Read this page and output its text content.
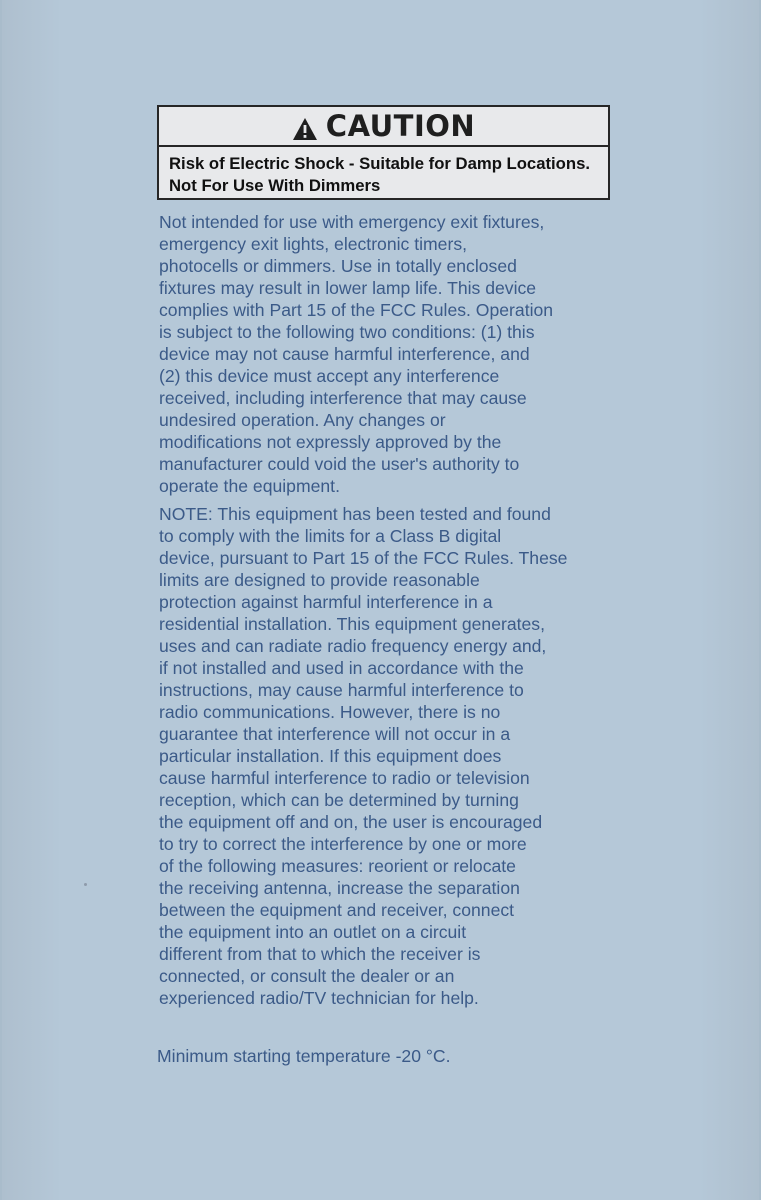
CAUTION
Risk of Electric Shock - Suitable for Damp Locations. Not For Use With Dimmers

Not intended for use with emergency exit fixtures,
emergency exit lights, electronic timers,
photocells or dimmers. Use in totally enclosed
fixtures may result in lower lamp life. This device
complies with Part 15 of the FCC Rules. Operation
is subject to the following two conditions: (1) this
device may not cause harmful interference, and
(2) this device must accept any interference
received, including interference that may cause
undesired operation. Any changes or
modifications not expressly approved by the
manufacturer could void the user's authority to
operate the equipment.

NOTE: This equipment has been tested and found
to comply with the limits for a Class B digital
device, pursuant to Part 15 of the FCC Rules. These
limits are designed to provide reasonable
protection against harmful interference in a
residential installation. This equipment generates,
uses and can radiate radio frequency energy and,
if not installed and used in accordance with the
instructions, may cause harmful interference to
radio communications. However, there is no
guarantee that interference will not occur in a
particular installation. If this equipment does
cause harmful interference to radio or television
reception, which can be determined by turning
the equipment off and on, the user is encouraged
to try to correct the interference by one or more
of the following measures: reorient or relocate
the receiving antenna, increase the separation
between the equipment and receiver, connect
the equipment into an outlet on a circuit
different from that to which the receiver is
connected, or consult the dealer or an
experienced radio/TV technician for help.

Minimum starting temperature -20 °C.
